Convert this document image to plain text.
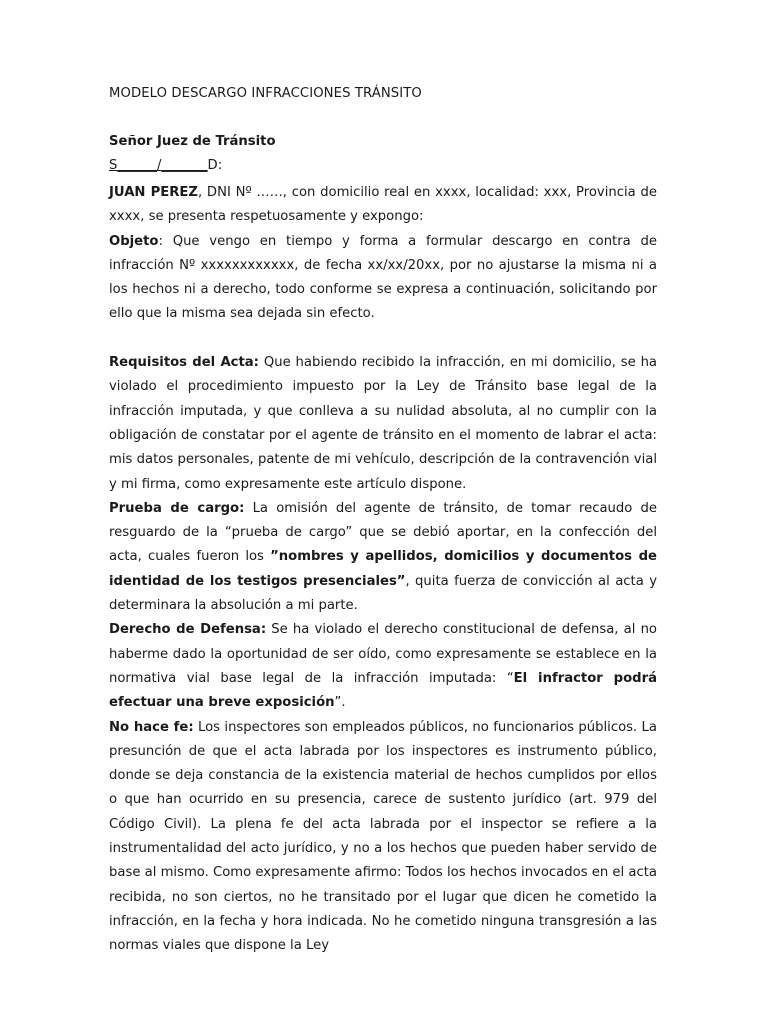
MODELO DESCARGO INFRACCIONES TRÁNSITO
Señor Juez de Tránsito
S______/_______D:

JUAN PEREZ, DNI Nº ……, con domicilio real en xxxx, localidad: xxx, Provincia de xxxx, se presenta respetuosamente y expongo:

Objeto: Que vengo en tiempo y forma a formular descargo en contra de infracción Nº xxxxxxxxxxxx, de fecha xx/xx/20xx, por no ajustarse la misma ni a los hechos ni a derecho, todo conforme se expresa a continuación, solicitando por ello que la misma sea dejada sin efecto.

Requisitos del Acta: Que habiendo recibido la infracción, en mi domicilio, se ha violado el procedimiento impuesto por la Ley de Tránsito base legal de la infracción imputada, y que conlleva a su nulidad absoluta, al no cumplir con la obligación de constatar por el agente de tránsito en el momento de labrar el acta: mis datos personales, patente de mi vehículo, descripción de la contravención vial y mi firma, como expresamente este artículo dispone.

Prueba de cargo: La omisión del agente de tránsito, de tomar recaudo de resguardo de la “prueba de cargo” que se debió aportar, en la confección del acta, cuales fueron los ”nombres y apellidos, domicilios y documentos de identidad de los testigos presenciales”, quita fuerza de convicción al acta y determinara la absolución a mi parte.

Derecho de Defensa: Se ha violado el derecho constitucional de defensa, al no haberme dado la oportunidad de ser oído, como expresamente se establece en la normativa vial base legal de la infracción imputada: “El infractor podrá efectuar una breve exposición”.

No hace fe: Los inspectores son empleados públicos, no funcionarios públicos. La presunción de que el acta labrada por los inspectores es instrumento público, donde se deja constancia de la existencia material de hechos cumplidos por ellos o que han ocurrido en su presencia, carece de sustento jurídico (art. 979 del Código Civil). La plena fe del acta labrada por el inspector se refiere a la instrumentalidad del acto jurídico, y no a los hechos que pueden haber servido de base al mismo. Como expresamente afirmo: Todos los hechos invocados en el acta recibida, no son ciertos, no he transitado por el lugar que dicen he cometido la infracción, en la fecha y hora indicada. No he cometido ninguna transgresión a las normas viales que dispone la Ley
